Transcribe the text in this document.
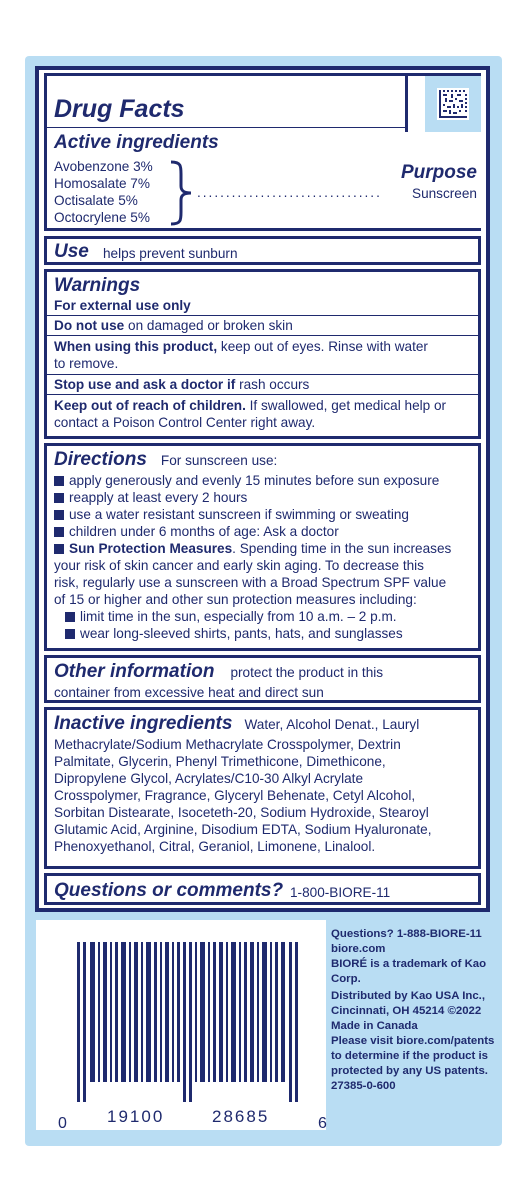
Drug Facts
Active ingredients
Purpose
Avobenzone 3%
Homosalate 7%
Octisalate 5%
Octocrylene 5%
................................ Sunscreen
Use helps prevent sunburn
Warnings
For external use only
Do not use on damaged or broken skin
When using this product, keep out of eyes. Rinse with water
to remove.
Stop use and ask a doctor if rash occurs
Keep out of reach of children. If swallowed, get medical help or
contact a Poison Control Center right away.
Directions For sunscreen use:
apply generously and evenly 15 minutes before sun exposure
reapply at least every 2 hours
use a water resistant sunscreen if swimming or sweating
children under 6 months of age: Ask a doctor
Sun Protection Measures. Spending time in the sun increases
your risk of skin cancer and early skin aging. To decrease this
risk, regularly use a sunscreen with a Broad Spectrum SPF value
of 15 or higher and other sun protection measures including:
limit time in the sun, especially from 10 a.m. – 2 p.m.
wear long-sleeved shirts, pants, hats, and sunglasses
Other information protect the product in this
container from excessive heat and direct sun
Inactive ingredients Water, Alcohol Denat., Lauryl
Methacrylate/Sodium Methacrylate Crosspolymer, Dextrin
Palmitate, Glycerin, Phenyl Trimethicone, Dimethicone,
Dipropylene Glycol, Acrylates/C10-30 Alkyl Acrylate
Crosspolymer, Fragrance, Glyceryl Behenate, Cetyl Alcohol,
Sorbitan Distearate, Isoceteth-20, Sodium Hydroxide, Stearoyl
Glutamic Acid, Arginine, Disodium EDTA, Sodium Hyaluronate,
Phenoxyethanol, Citral, Geraniol, Limonene, Linalool.
Questions or comments? 1-800-BIORE-11
0 19100	28685	6
Questions? 1-888-BIORE-11
biore.com
BIORÉ is a trademark of Kao
Corp.
Distributed by Kao USA Inc.,
Cincinnati, OH 45214 ©2022
Made in Canada
Please visit biore.com/patents
to determine if the product is
protected by any US patents.
27385-0-600
